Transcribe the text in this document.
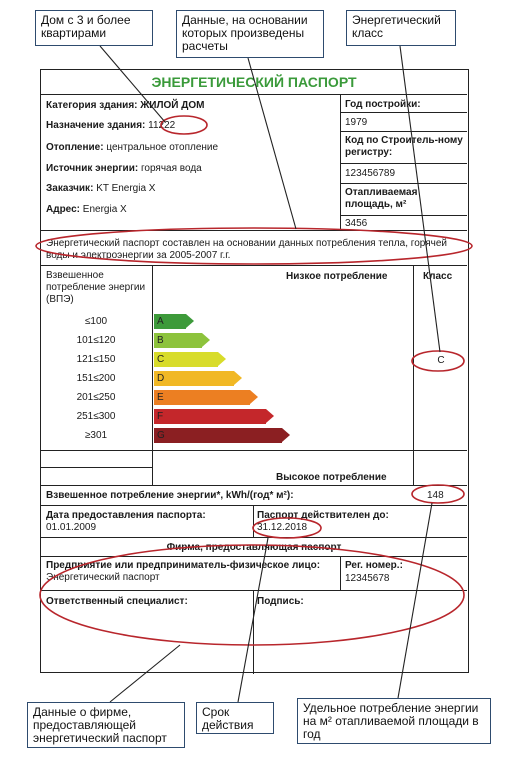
Дом с 3 и более квартирами
Данные, на основании которых произведены расчеты
Энергетический класс
ЭНЕРГЕТИЧЕСКИЙ ПАСПОРТ
Категория здания: ЖИЛОЙ ДОМ
Назначение здания: 11222
Отопление: центральное отопление
Источник энергии: горячая вода
Заказчик: KT Energia X
Адрес: Energia X
Год постройки:
1979
Код по Строитель-ному регистру:
123456789
Отапливаемая площадь, м²
3456
Энергетический паспорт составлен на основании данных потребления тепла, горячей воды и электроэнергии за 2005-2007 г.г.
Взвешенное потребление энергии (ВПЭ)
Низкое потребление	Класс
≤100	A
101≤120	B
121≤150	C
151≤200	D
201≤250	E
251≤300	F
≥301	G
C
Высокое потребление
Взвешенное потребление энергии*, kWh/(год* м²):	148
Дата предоставления паспорта:
01.01.2009
Паспорт действителен до:
31.12.2018
Фирма, предоставляющая паспорт
Предприятие или предприниматель-физическое лицо: Энергетический паспорт
Рег. номер.:
12345678
Ответственный специалист:	Подпись:
Данные о фирме, предоставляющей энергетический паспорт
Срок действия
Удельное потребление энергии на м² отапливаемой площади в год
